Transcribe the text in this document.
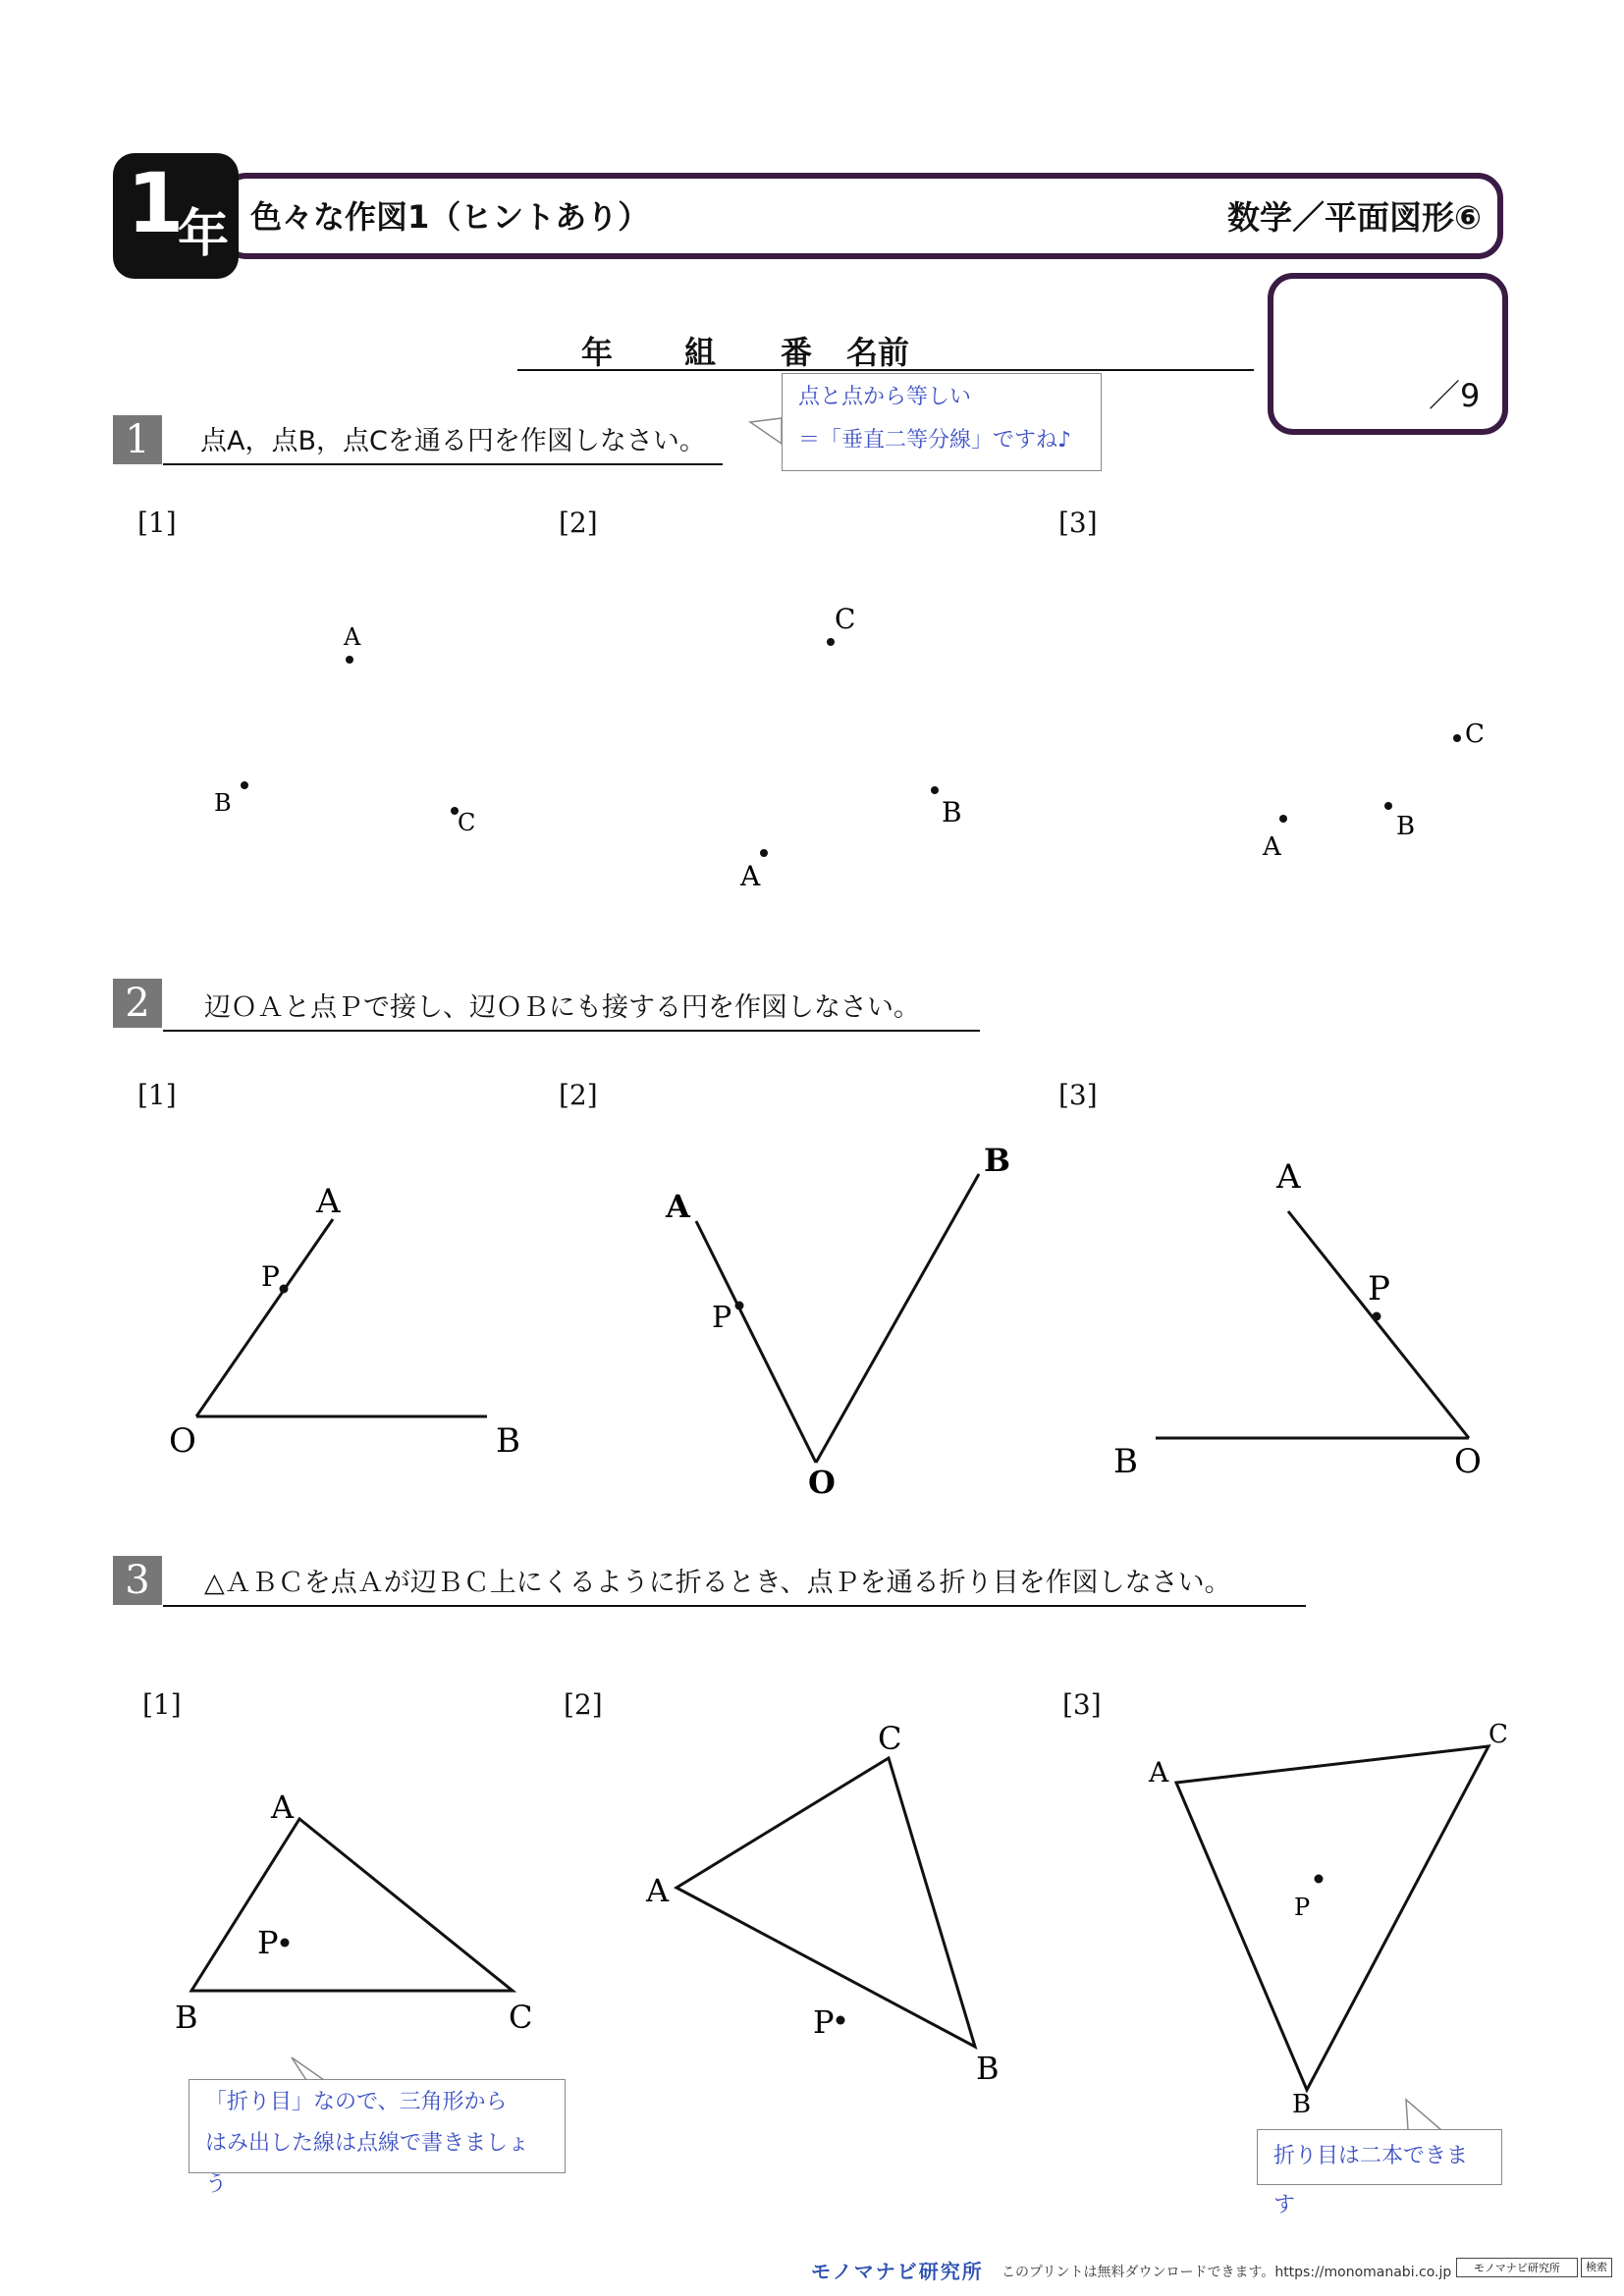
1
年 色々な作図1（ヒントあり）	数学／平面図形⑥
／9
年 組 番 名前
1	点A，点B，点Cを通る円を作図しなさい。
点と点から等しい
＝「垂直二等分線」ですね♪
[1]	[2]	[3]
A
B
C
C
B
A
C
A
B
A
P
O	B
A
B
P
O
A
P
B	O
A
P
B	C
C
A
P
B
A
C
P
B
2	辺ＯＡと点Ｐで接し、辺ＯＢにも接する円を作図しなさい。
[1]	[2]	[3]
3	△ＡＢＣを点Ａが辺ＢＣ上にくるように折るとき、点Ｐを通る折り目を作図しなさい。
[1]	[2]	[3]
「折り目」なので、三角形から
はみ出した線は点線で書きましょう
折り目は二本できます
モノマナビ研究所 このプリントは無料ダウンロードできます。https://monomanabi.co.jp	モノマナビ研究所	検索
